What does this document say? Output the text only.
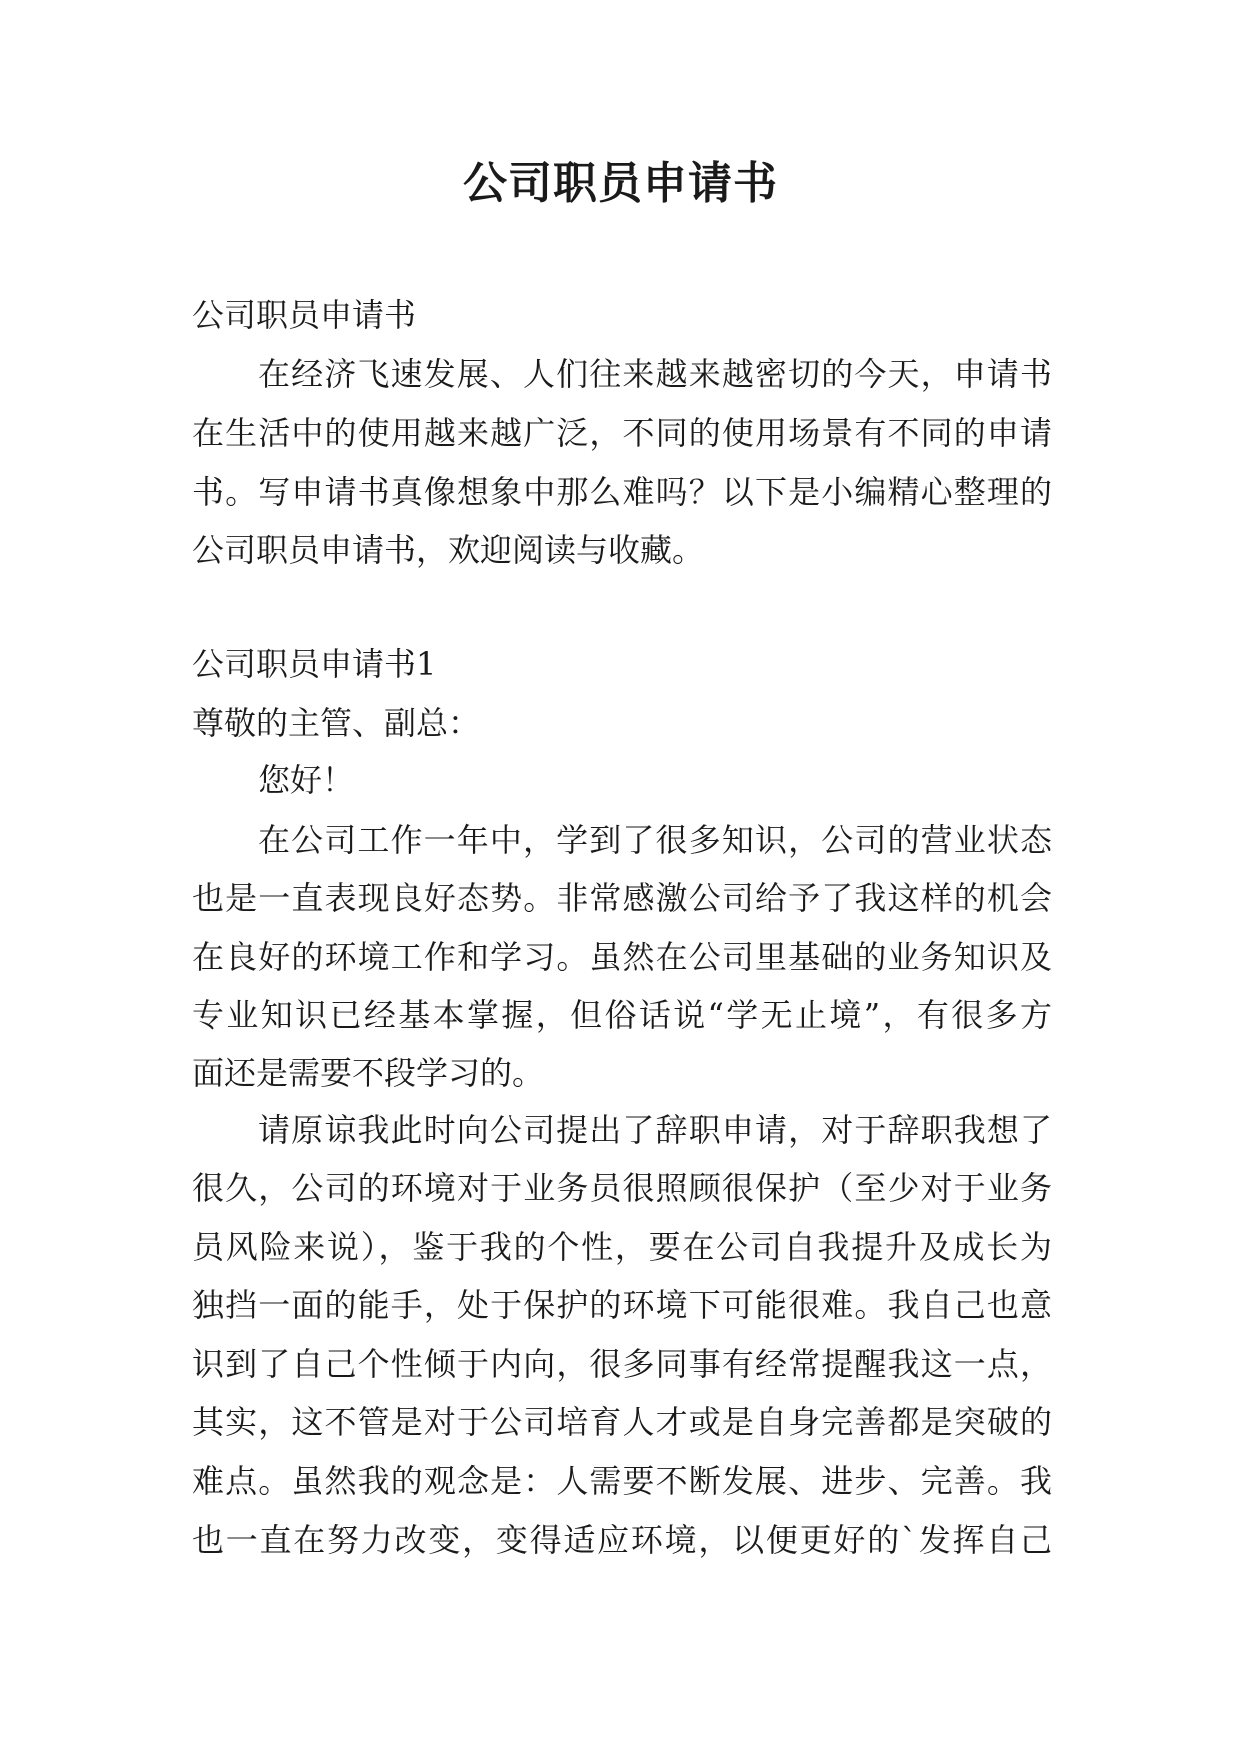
公司职员申请书
公司职员申请书
在经济飞速发展、人们往来越来越密切的今天，申请书
在生活中的使用越来越广泛，不同的使用场景有不同的申请
书。写申请书真像想象中那么难吗？以下是小编精心整理的
公司职员申请书，欢迎阅读与收藏。
公司职员申请书1
尊敬的主管、副总：
您好！
在公司工作一年中，学到了很多知识，公司的营业状态
也是一直表现良好态势。非常感激公司给予了我这样的机会
在良好的环境工作和学习。虽然在公司里基础的业务知识及
专业知识已经基本掌握，但俗话说“学无止境”，有很多方
面还是需要不段学习的。
请原谅我此时向公司提出了辞职申请，对于辞职我想了
很久，公司的环境对于业务员很照顾很保护（至少对于业务
员风险来说），鉴于我的个性，要在公司自我提升及成长为
独挡一面的能手，处于保护的环境下可能很难。我自己也意
识到了自己个性倾于内向，很多同事有经常提醒我这一点，
其实，这不管是对于公司培育人才或是自身完善都是突破的
难点。虽然我的观念是：人需要不断发展、进步、完善。我
也一直在努力改变，变得适应环境，以便更好的`发挥自己
